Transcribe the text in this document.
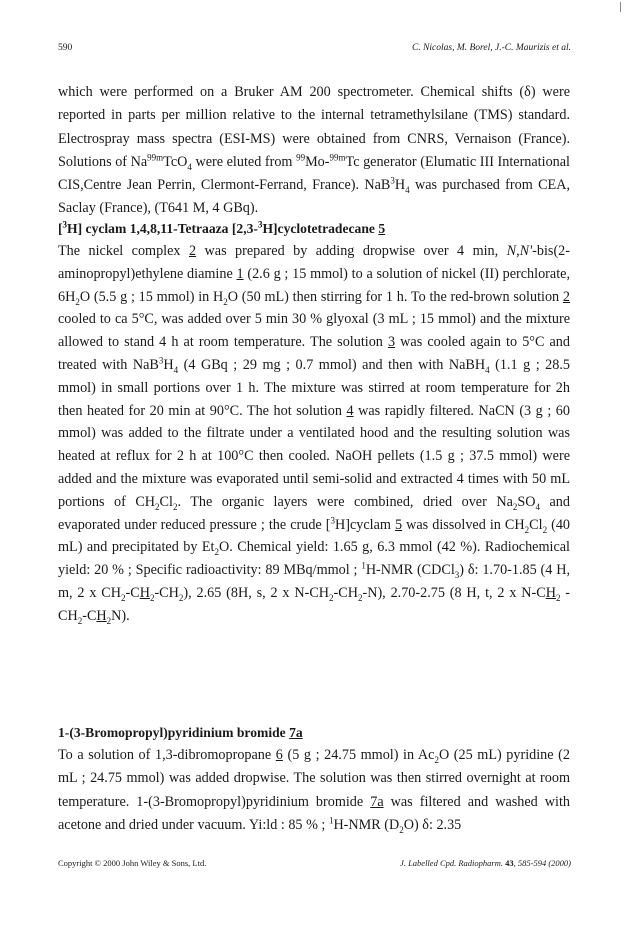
590	C. Nicolas, M. Borel, J.-C. Maurizis et al.

which were performed on a Bruker AM 200 spectrometer. Chemical shifts (δ) were reported in parts per million relative to the internal tetramethylsilane (TMS) standard. Electrospray mass spectra (ESI-MS) were obtained from CNRS, Vernaison (France). Solutions of $Na^{99m}TcO_4$ were eluted from $^{99}$Mo-$^{99m}$Tc generator (Elumatic III International CIS,Centre Jean Perrin, Clermont-Ferrand, France). $NaB^3H_4$ was purchased from CEA, Saclay (France), (T641 M, 4 GBq).

[$^3$H] cyclam 1,4,8,11-Tetraaza [2,3-$^3$H]cyclotetradecane 5

The nickel complex 2 was prepared by adding dropwise over 4 min, N,N'-bis(2-aminopropyl)ethylene diamine 1 (2.6 g ; 15 mmol) to a solution of nickel (II) perchlorate, $6H_2O$ (5.5 g ; 15 mmol) in $H_2O$ (50 mL) then stirring for 1 h. To the red-brown solution 2 cooled to ca 5°C, was added over 5 min 30 % glyoxal (3 mL ; 15 mmol) and the mixture allowed to stand 4 h at room temperature. The solution 3 was cooled again to 5°C and treated with $NaB^3H_4$ (4 GBq ; 29 mg ; 0.7 mmol) and then with NaBH$_4$ (1.1 g ; 28.5 mmol) in small portions over 1 h. The mixture was stirred at room temperature for 2h then heated for 20 min at 90°C. The hot solution 4 was rapidly filtered. NaCN (3 g ; 60 mmol) was added to the filtrate under a ventilated hood and the resulting solution was heated at reflux for 2 h at 100°C then cooled. NaOH pellets (1.5 g ; 37.5 mmol) were added and the mixture was evaporated until semi-solid and extracted 4 times with 50 mL portions of $CH_2Cl_2$. The organic layers were combined, dried over $Na_2SO_4$ and evaporated under reduced pressure ; the crude [$^3$H]cyclam 5 was dissolved in $CH_2Cl_2$ (40 mL) and precipitated by $Et_2O$. Chemical yield: 1.65 g, 6.3 mmol (42 %). Radiochemical yield: 20 % ; Specific radioactivity: 89 MBq/mmol ; $^1$H-NMR (CDCl$_3$) δ: 1.70-1.85 (4 H, m, 2 x $CH_2-CH_2-CH_2$), 2.65 (8H, s, 2 x $N-CH_2-CH_2-N$), 2.70-2.75 (8 H, t, 2 x $N-CH_2 - CH_2-CH_2N$).

1-(3-Bromopropyl)pyridinium bromide 7a

To a solution of 1,3-dibromopropane 6 (5 g ; 24.75 mmol) in $Ac_2O$ (25 mL) pyridine (2 mL ; 24.75 mmol) was added dropwise. The solution was then stirred overnight at room temperature. 1-(3-Bromopropyl)pyridinium bromide 7a was filtered and washed with acetone and dried under vacuum. Yi:ld : 85 % ; $^1$H-NMR $(D_2O)$ δ: 2.35

Copyright © 2000 John Wiley & Sons, Ltd.	J. Labelled Cpd. Radiopharm. 43, 585-594 (2000)
